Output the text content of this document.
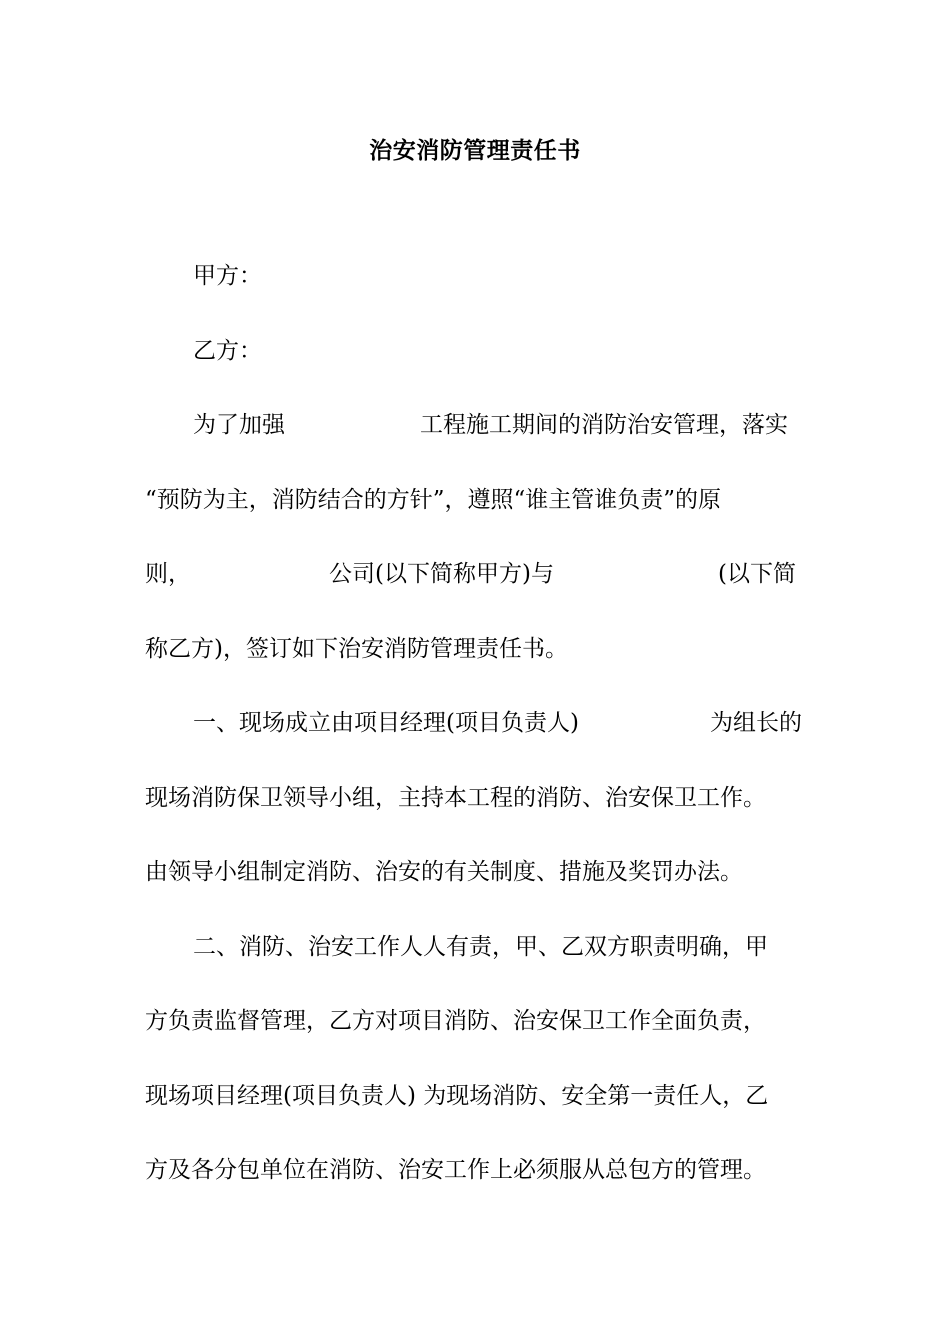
治安消防管理责任书
甲方：
乙方：
为了加强	工程施工期间的消防治安管理，落实
“预防为主，消防结合的方针”，遵照“谁主管谁负责”的原
则，	公司(以下简称甲方)与	(以下简
称乙方)，签订如下治安消防管理责任书。
一、现场成立由项目经理(项目负责人)	为组长的
现场消防保卫领导小组，主持本工程的消防、治安保卫工作。
由领导小组制定消防、治安的有关制度、措施及奖罚办法。
二、消防、治安工作人人有责，甲、乙双方职责明确，甲
方负责监督管理，乙方对项目消防、治安保卫工作全面负责，
现场项目经理(项目负责人) 为现场消防、安全第一责任人，乙
方及各分包单位在消防、治安工作上必须服从总包方的管理。
